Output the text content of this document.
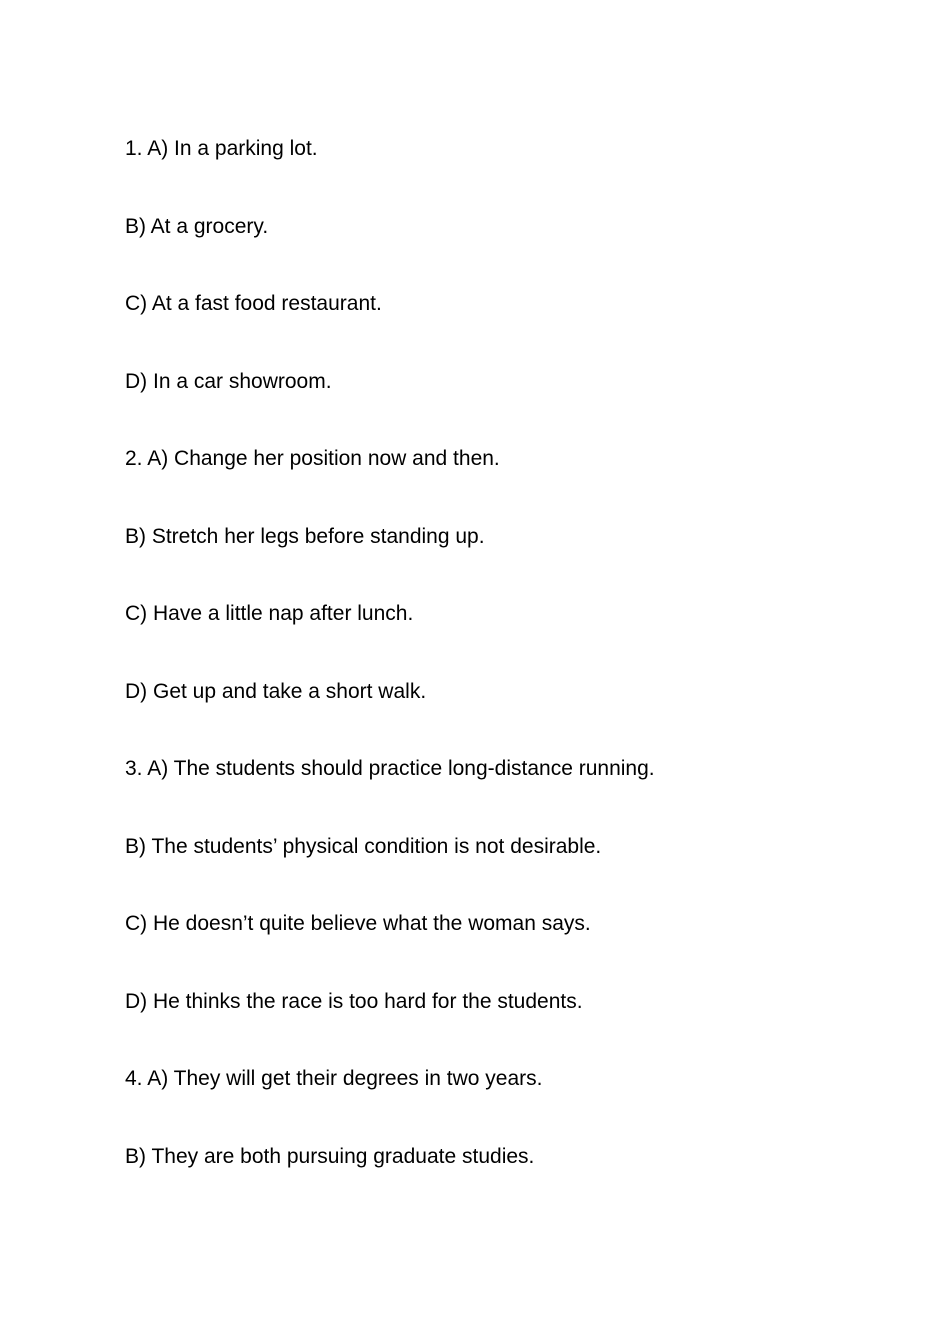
1. A) In a parking lot.
B) At a grocery.
C) At a fast food restaurant.
D) In a car showroom.
2. A) Change her position now and then.
B) Stretch her legs before standing up.
C) Have a little nap after lunch.
D) Get up and take a short walk.
3. A) The students should practice long-distance running.
B) The students’ physical condition is not desirable.
C) He doesn’t quite believe what the woman says.
D) He thinks the race is too hard for the students.
4. A) They will get their degrees in two years.
B) They are both pursuing graduate studies.
